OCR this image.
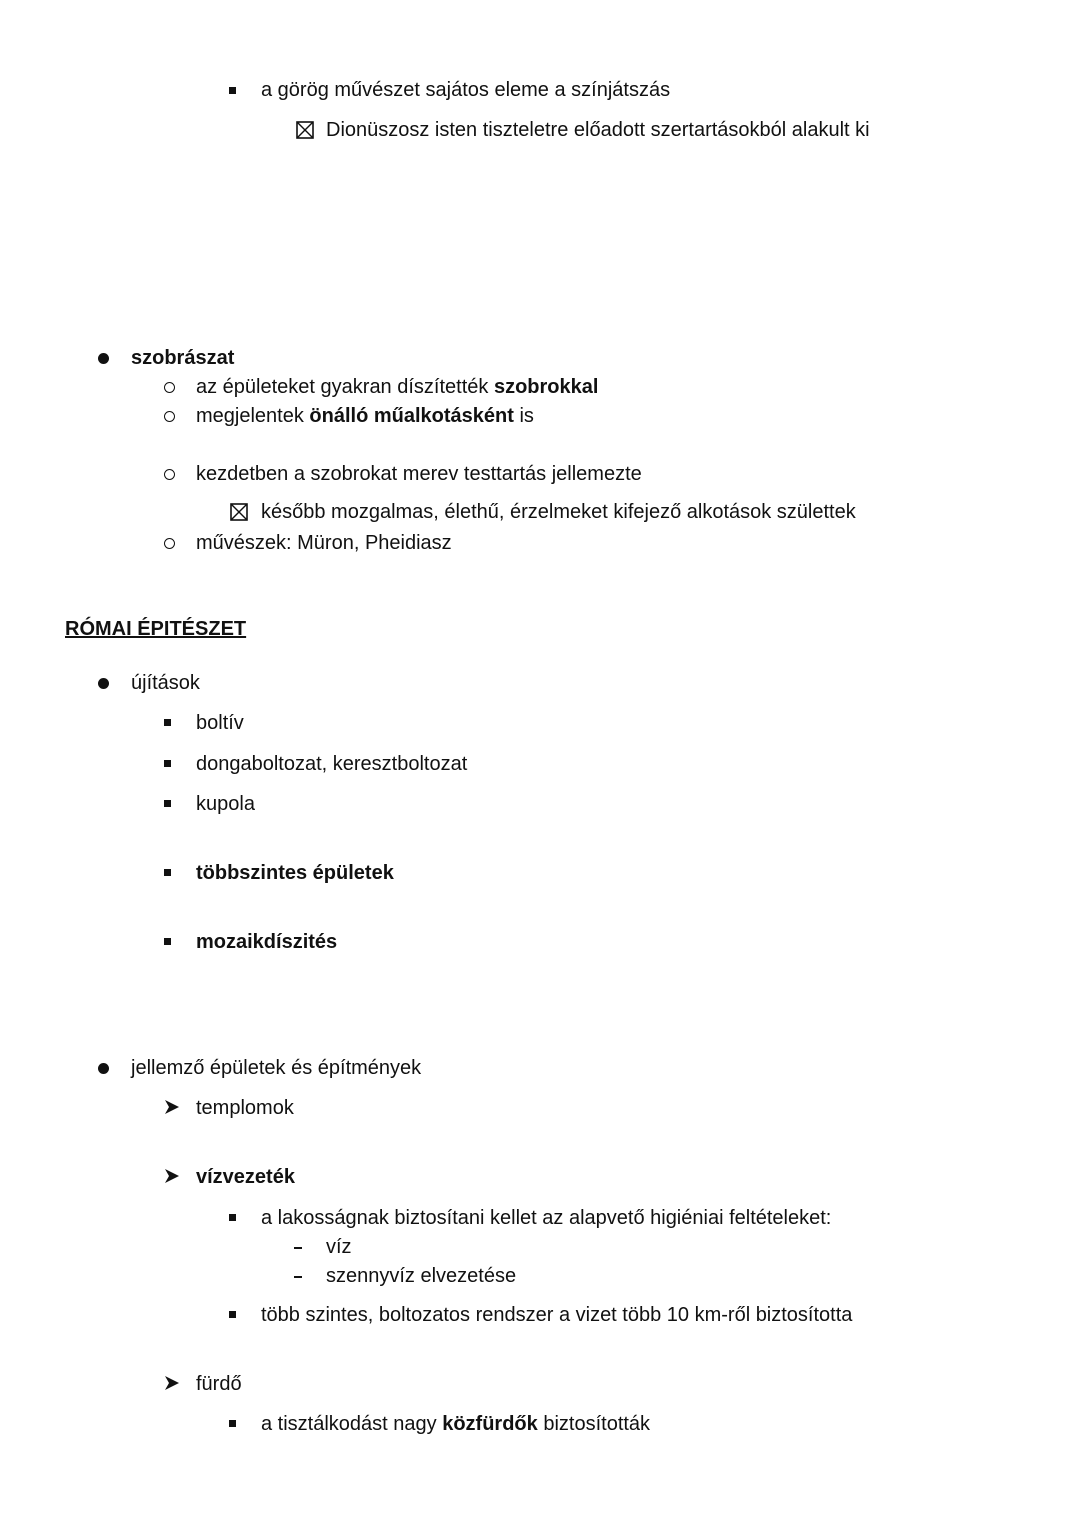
a görög művészet sajátos eleme a színjátszás
Dionüszosz isten tiszteletre előadott szertartásokból alakult ki
szobrászat
az épületeket gyakran díszítették szobrokkal
megjelentek önálló műalkotásként is
kezdetben a szobrokat merev testtartás jellemezte
később mozgalmas, élethű, érzelmeket kifejező alkotások születtek
művészek: Müron, Pheidiasz
RÓMAI ÉPITÉSZET
újítások
boltív
dongaboltozat, keresztboltozat
kupola
többszintes épületek
mozaikdíszités
jellemző épületek és építmények
templomok
vízvezeték
a lakosságnak biztosítani kellet az alapvető higiéniai feltételeket:
víz
szennyvíz elvezetése
több szintes, boltozatos rendszer a vizet több 10 km-ről biztosította
fürdő
a tisztálkodást nagy közfürdők biztosították
